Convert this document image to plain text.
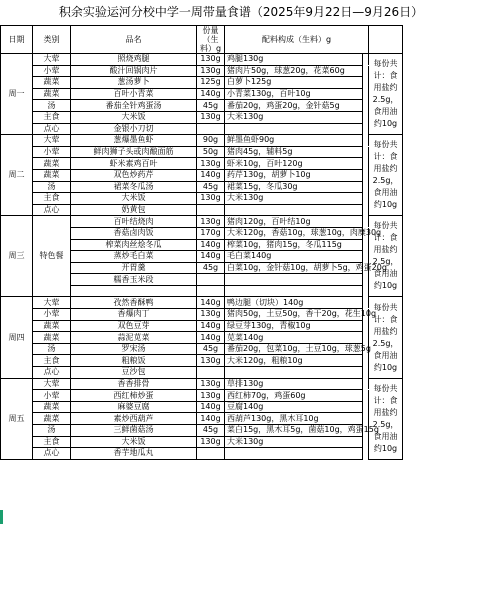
积余实验运河分校中学一周带量食谱（2025年9月22日—9月26日）
日期	类别	品名	份量（生料）g	配料构成（生料）g			
周一	大荤	照烧鸡腿	130g	鸡腿130g		每份共计：食用盐约2.5g，食用油约10g	
	小荤	酸汁回锅肉片	130g	猪肉片50g，球葱20g，花菜60g			
	蔬菜	葱汤萝卜	125g	白萝卜125g			
	蔬菜	百叶小青菜	140g	小青菜130g，百叶10g			
	汤	番茄全针鸡蛋汤	45g	番茄20g，鸡蛋20g，金针菇5g			
	主食	大米饭	130g	大米130g			
	点心	金银小刀切					
周二	大荤	葱爆墨鱼虾	90g	鲜墨鱼虾90g		每份共计：食用盐约2.5g，食用油约10g	
	小荤	鲜肉狮子头或肉酿面筋	50g	猪肉45g，辅料5g			
	蔬菜	虾米素鸡百叶	130g	虾米10g，百叶120g			
	蔬菜	双色炒药芹	140g	药芹130g，胡萝卜10g			
	汤	裙菜冬瓜汤	45g	裙菜15g，冬瓜30g			
	主食	大米饭	130g	大米130g			
	点心	奶黄包					
周三	特色餐	百叶结烧肉	130g	猪肉120g，百叶结10g		每份共计：食用盐约2.5g，食用油约10g	
		香菇卤肉饭	170g	大米120g，香菇10g，球葱10g，肉糜30g			
		榨菜肉丝烩冬瓜	140g	榨菜10g，猪肉15g，冬瓜115g			
		蒸炒毛白菜	140g	毛白菜140g			
		开胃羹	45g	白菜10g，金针菇10g，胡萝卜5g，鸡蛋20g			
		糯香玉米段					

周四	大荤	孜然香酥鸭	140g	鸭边腿（切块）140g		每份共计：食用盐约2.5g，食用油约10g	
	小荤	香爆肉丁	130g	猪肉50g，土豆50g，香干20g，花生10g			
	蔬菜	双色豆芽	140g	绿豆芽130g，青椒10g			
	蔬菜	蒜泥苋菜	140g	苋菜140g			
	汤	罗宋汤	45g	番茄20g，包菜10g，土豆10g，球葱5g			
	主食	粗粮饭	130g	大米120g，粗粮10g			
	点心	豆沙包					
周五	大荤	香香排骨	130g	草排130g		每份共计：食用盐约2.5g，食用油约10g	
	小荤	西红柿炒蛋	130g	西红柿70g，鸡蛋60g			
	蔬菜	麻婆豆腐	140g	豆腐140g			
	蔬菜	素炒西葫芦	140g	西葫芦130g，黑木耳10g			
	汤	三鲜菌菇汤	45g	菜白15g，黑木耳5g，菌菇10g，鸡蛋15g			
	主食	大米饭	130g	大米130g			
	点心	香芋地瓜丸					
